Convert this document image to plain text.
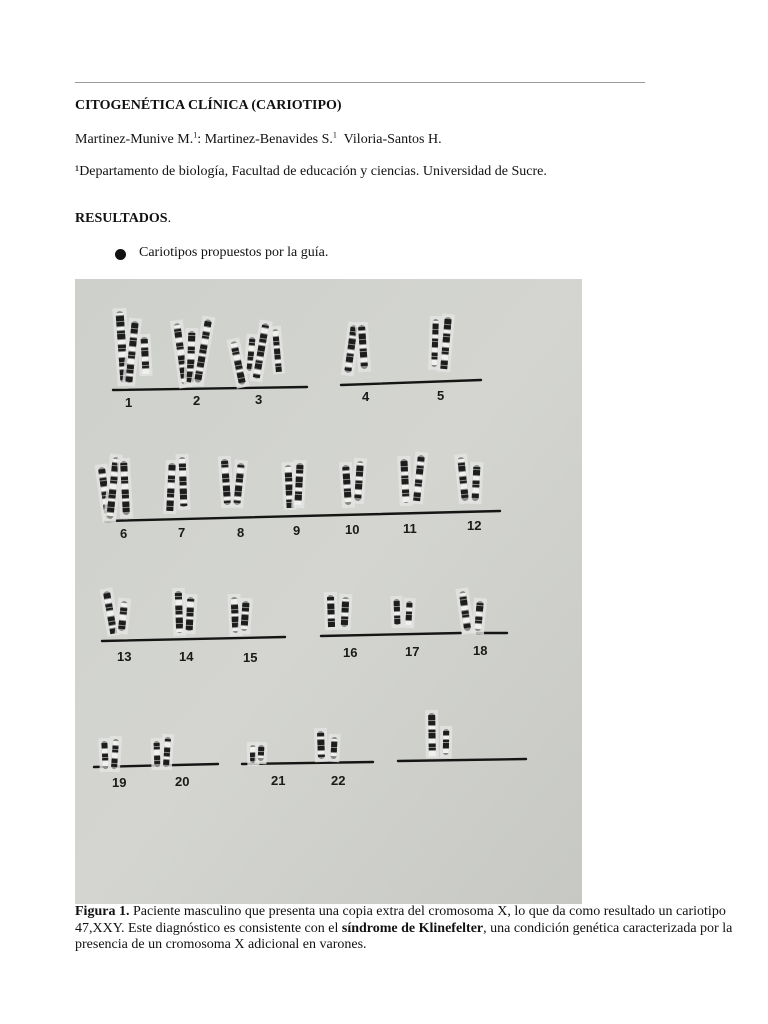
CITOGENÉTICA CLÍNICA (CARIOTIPO)
Martinez-Munive M.$^1$: Martinez-Benavides S.$^1$ Viloria-Santos H.
¹Departamento de biología, Facultad de educación y ciencias. Universidad de Sucre.
RESULTADOS.
Cariotipos propuestos por la guía.
1	2	3	4	5
6	7	8	9	10	11	12
13	14	15	16	17	18
19	20	21	22
Figura 1. Paciente masculino que presenta una copia extra del cromosoma X, lo que da como resultado un cariotipo 47,XXY. Este diagnóstico es consistente con el síndrome de Klinefelter, una condición genética caracterizada por la presencia de un cromosoma X adicional en varones.
